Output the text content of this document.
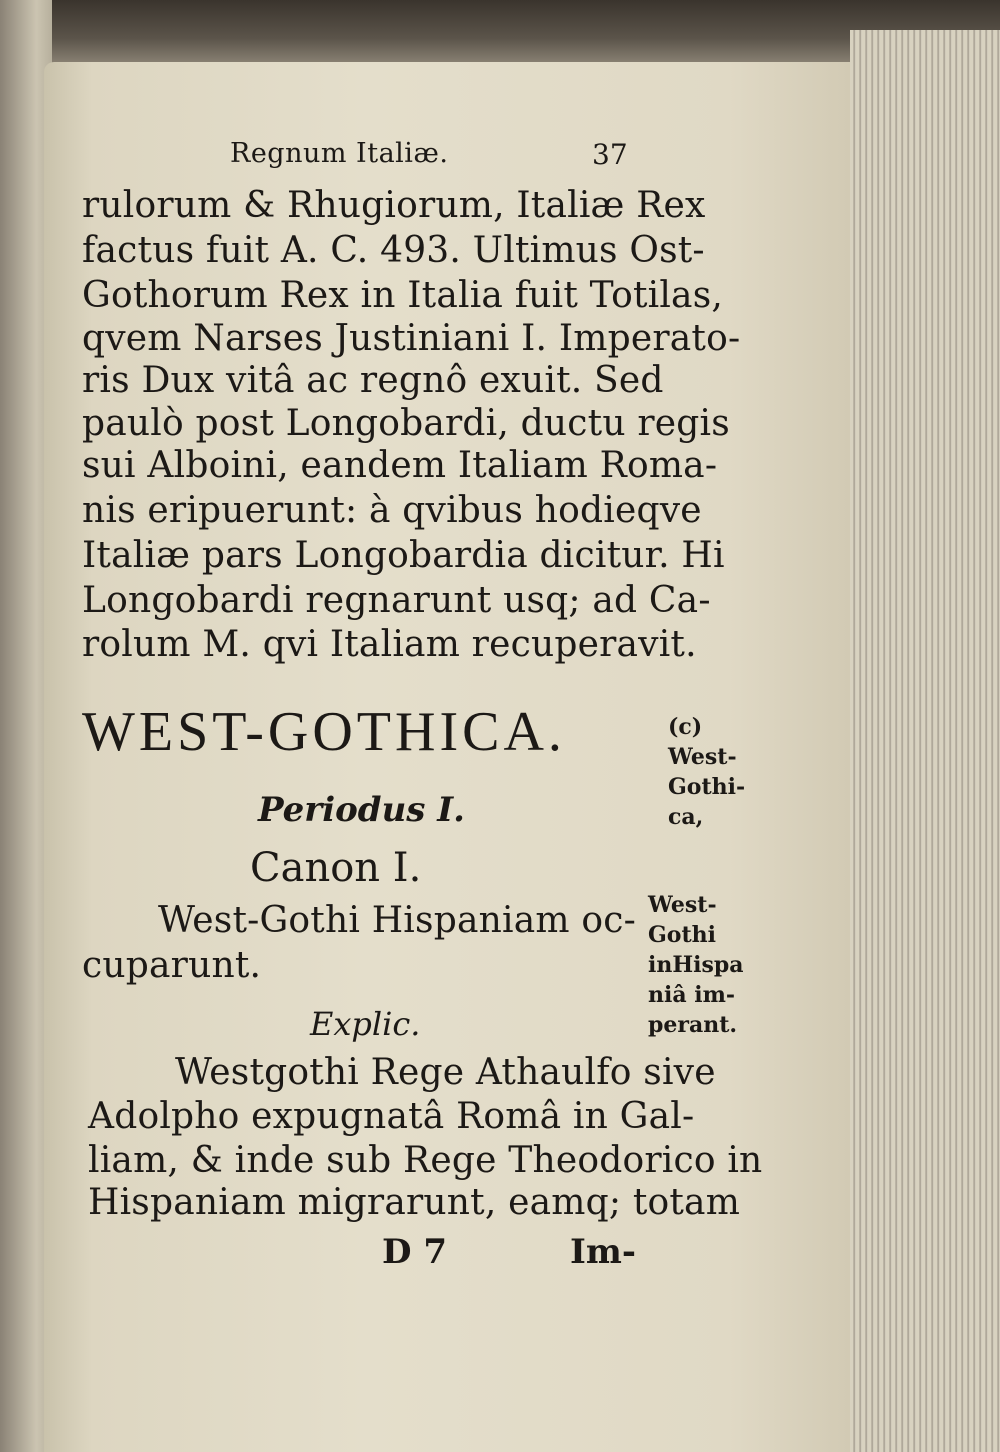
Regnum Italiæ.	37
rulorum & Rhugiorum, Italiæ Rex
factus fuit A. C. 493. Ultimus Ost-
Gothorum Rex in Italia fuit Totilas,
qvem Narses Justiniani I. Imperato-
ris Dux vitâ ac regnô exuit. Sed
paulò post Longobardi, ductu regis
sui Alboini, eandem Italiam Roma-
nis eripuerunt: à qvibus hodieqve
Italiæ pars Longobardia dicitur. Hi
Longobardi regnarunt usq; ad Ca-
rolum M. qvi Italiam recuperavit.
WEST-GOTHICA.
Periodus I.
Canon I.
West-Gothi Hispaniam oc-
cuparunt.
Explic.
Westgothi Rege Athaulfo sive
Adolpho expugnatâ Româ in Gal-
liam, & inde sub Rege Theodorico in
Hispaniam migrarunt, eamq; totam
D 7	Im-
(c)
West-
Gothi-
ca,
West-
Gothi
inHispa
niâ im-
perant.
